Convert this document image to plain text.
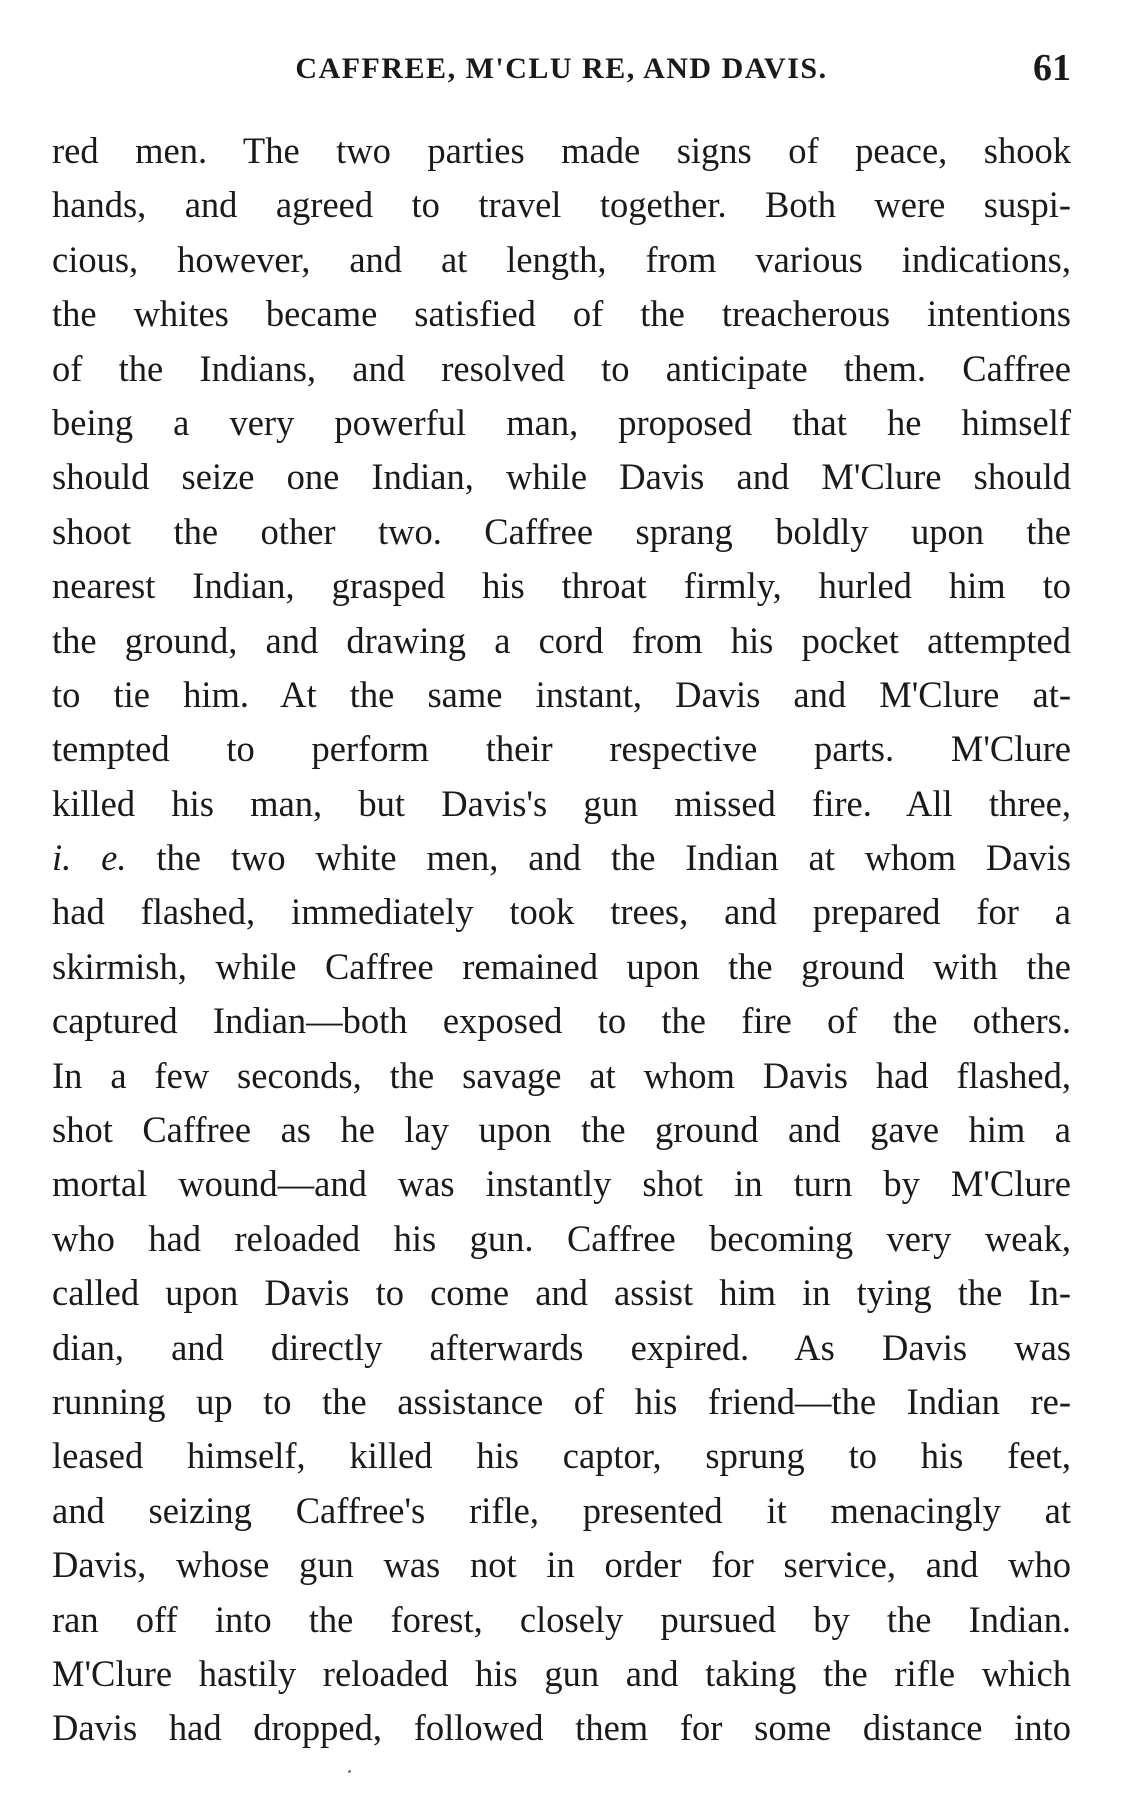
CAFFREE, M'CLU RE, AND DAVIS.	61
red men. The two parties made signs of peace, shook
hands, and agreed to travel together. Both were suspi-
cious, however, and at length, from various indications,
the whites became satisfied of the treacherous intentions
of the Indians, and resolved to anticipate them. Caffree
being a very powerful man, proposed that he himself
should seize one Indian, while Davis and M'Clure should
shoot the other two. Caffree sprang boldly upon the
nearest Indian, grasped his throat firmly, hurled him to
the ground, and drawing a cord from his pocket attempted
to tie him. At the same instant, Davis and M'Clure at-
tempted to perform their respective parts. M'Clure
killed his man, but Davis's gun missed fire. All three,
i. e. the two white men, and the Indian at whom Davis
had flashed, immediately took trees, and prepared for a
skirmish, while Caffree remained upon the ground with the
captured Indian—both exposed to the fire of the others.
In a few seconds, the savage at whom Davis had flashed,
shot Caffree as he lay upon the ground and gave him a
mortal wound—and was instantly shot in turn by M'Clure
who had reloaded his gun. Caffree becoming very weak,
called upon Davis to come and assist him in tying the In-
dian, and directly afterwards expired. As Davis was
running up to the assistance of his friend—the Indian re-
leased himself, killed his captor, sprung to his feet,
and seizing Caffree's rifle, presented it menacingly at
Davis, whose gun was not in order for service, and who
ran off into the forest, closely pursued by the Indian.
M'Clure hastily reloaded his gun and taking the rifle which
Davis had dropped, followed them for some distance into
